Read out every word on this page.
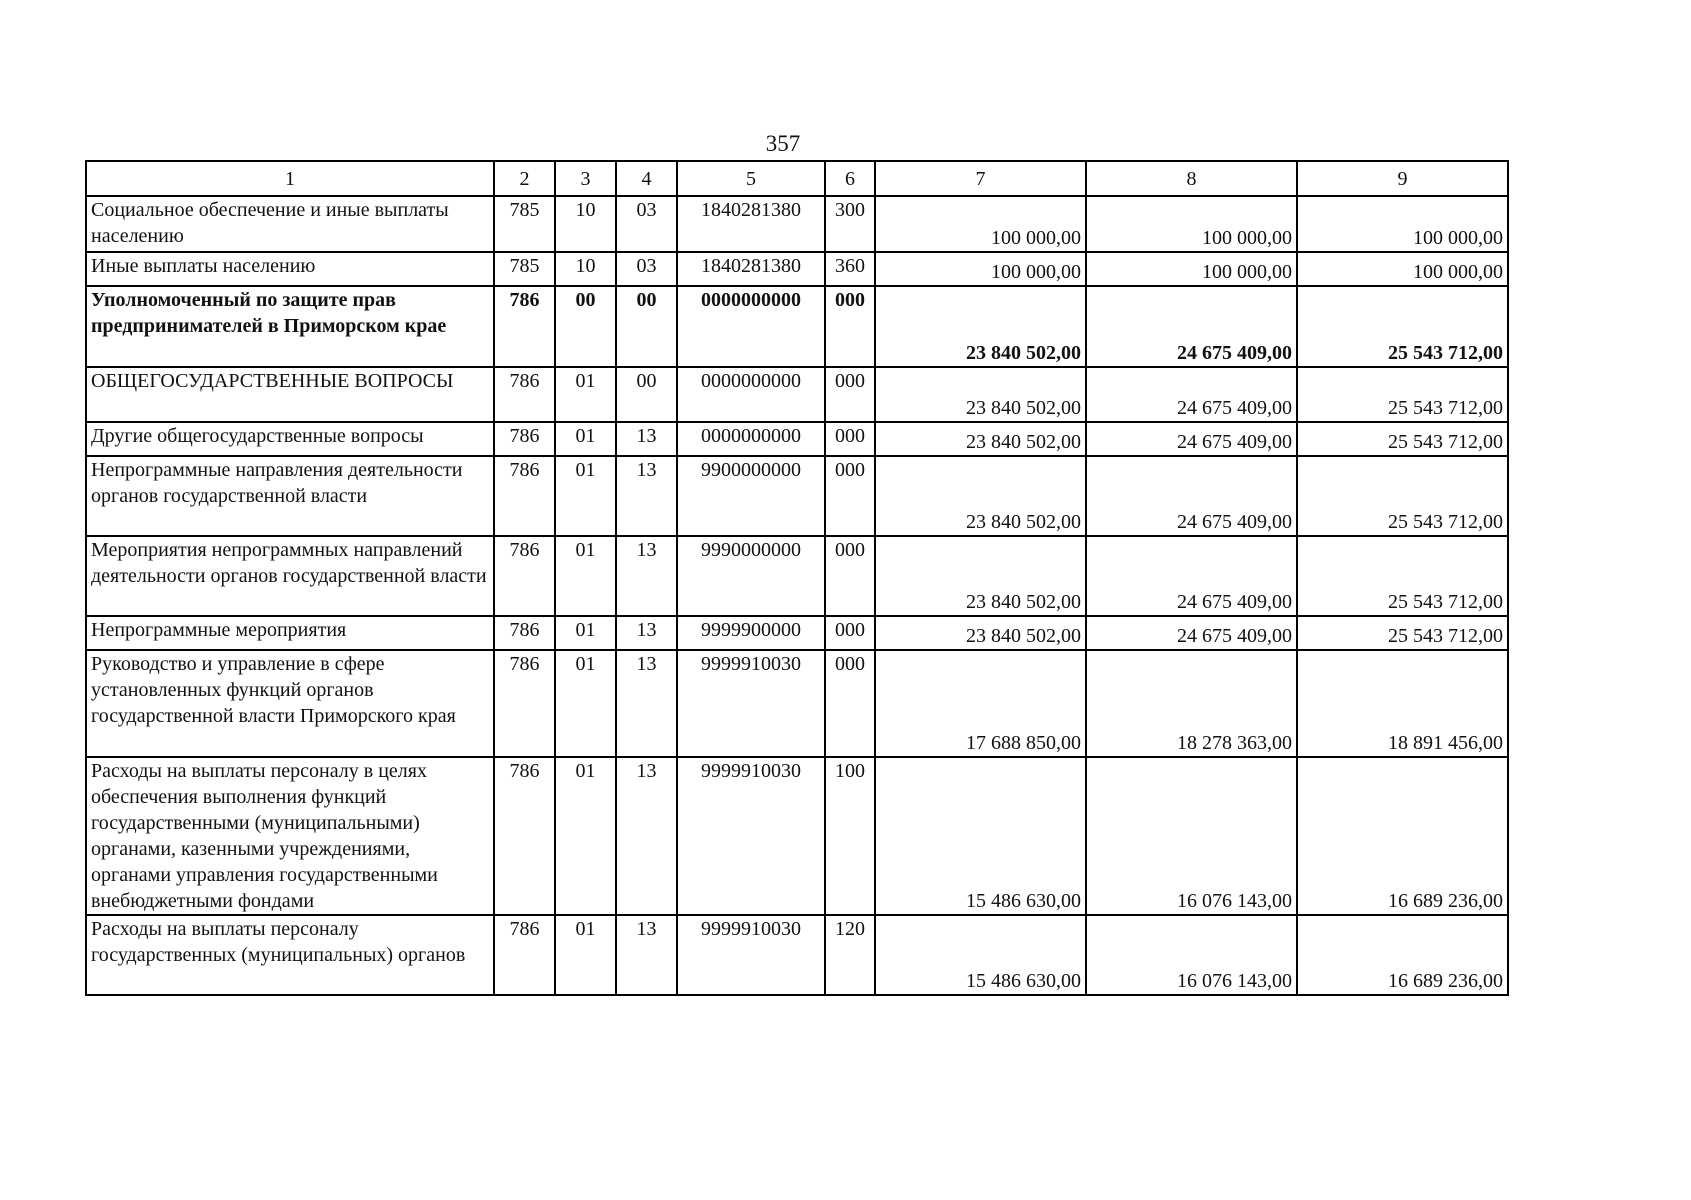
357
1	2	3	4	5	6	7	8	9
Социальное обеспечение и иные выплаты населению	785	10	03	1840281380	300	100 000,00	100 000,00	100 000,00
Иные выплаты населению	785	10	03	1840281380	360	100 000,00	100 000,00	100 000,00
Уполномоченный по защите прав предпринимателей в Приморском крае	786	00	00	0000000000	000	23 840 502,00	24 675 409,00	25 543 712,00
ОБЩЕГОСУДАРСТВЕННЫЕ ВОПРОСЫ	786	01	00	0000000000	000	23 840 502,00	24 675 409,00	25 543 712,00
Другие общегосударственные вопросы	786	01	13	0000000000	000	23 840 502,00	24 675 409,00	25 543 712,00
Непрограммные направления деятельности органов государственной власти	786	01	13	9900000000	000	23 840 502,00	24 675 409,00	25 543 712,00
Мероприятия непрограммных направлений деятельности органов государственной власти	786	01	13	9990000000	000	23 840 502,00	24 675 409,00	25 543 712,00
Непрограммные мероприятия	786	01	13	9999900000	000	23 840 502,00	24 675 409,00	25 543 712,00
Руководство и управление в сфере установленных функций органов государственной власти Приморского края	786	01	13	9999910030	000	17 688 850,00	18 278 363,00	18 891 456,00
Расходы на выплаты персоналу в целях обеспечения выполнения функций государственными (муниципальными) органами, казенными учреждениями, органами управления государственными внебюджетными фондами	786	01	13	9999910030	100	15 486 630,00	16 076 143,00	16 689 236,00
Расходы на выплаты персоналу государственных (муниципальных) органов	786	01	13	9999910030	120	15 486 630,00	16 076 143,00	16 689 236,00
